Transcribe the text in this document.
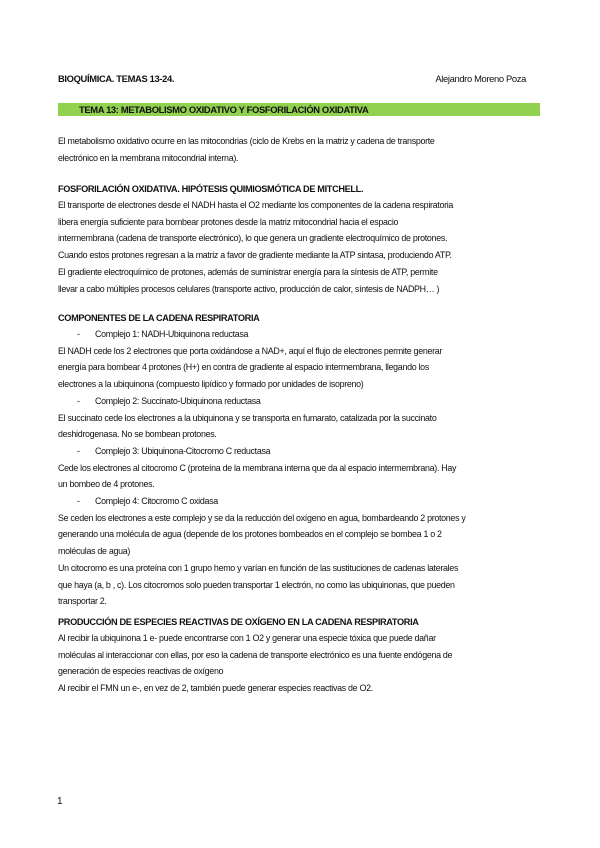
BIOQUÍMICA. TEMAS 13-24.	Alejandro Moreno Poza
TEMA 13: METABOLISMO OXIDATIVO Y FOSFORILACIÓN OXIDATIVA

El metabolismo oxidativo ocurre en las mitocondrias (ciclo de Krebs en la matriz y cadena de transporte

electrónico en la membrana mitocondrial interna).

FOSFORILACIÓN OXIDATIVA. HIPÓTESIS QUIMIOSMÓTICA DE MITCHELL.

El transporte de electrones desde el NADH hasta el O2 mediante los componentes de la cadena respiratoria

libera energía suficiente para bombear protones desde la matriz mitocondrial hacia el espacio

intermembrana (cadena de transporte electrónico), lo que genera un gradiente electroquímico de protones.

Cuando estos protones regresan a la matriz a favor de gradiente mediante la ATP sintasa, produciendo ATP.

El gradiente electroquímico de protones, además de suministrar energía para la síntesis de ATP, permite

llevar a cabo múltiples procesos celulares (transporte activo, producción de calor, síntesis de NADPH… )

COMPONENTES DE LA CADENA RESPIRATORIA

- Complejo 1: NADH-Ubiquinona reductasa

El NADH cede los 2 electrones que porta oxidándose a NAD+, aquí el flujo de electrones permite generar

energía para bombear 4 protones (H+) en contra de gradiente al espacio intermembrana, llegando los

electrones a la ubiquinona (compuesto lipídico y formado por unidades de isopreno)

- Complejo 2: Succinato-Ubiquinona reductasa

El succinato cede los electrones a la ubiquinona y se transporta en fumarato, catalizada por la succinato

deshidrogenasa. No se bombean protones.

- Complejo 3: Ubiquinona-Citocromo C reductasa

Cede los electrones al citocromo C (proteína de la membrana interna que da al espacio intermembrana). Hay

un bombeo de 4 protones.

- Complejo 4: Citocromo C oxidasa

Se ceden los electrones a este complejo y se da la reducción del oxígeno en agua, bombardeando 2 protones y

generando una molécula de agua (depende de los protones bombeados en el complejo se bombea 1 o 2

moléculas de agua)

Un citocromo es una proteína con 1 grupo hemo y varían en función de las sustituciones de cadenas laterales

que haya (a, b , c). Los citocromos solo pueden transportar 1 electrón, no como las ubiquinonas, que pueden

transportar 2.

PRODUCCIÓN DE ESPECIES REACTIVAS DE OXÍGENO EN LA CADENA RESPIRATORIA

Al recibir la ubiquinona 1 e- puede encontrarse con 1 O2 y generar una especie tóxica que puede dañar

moléculas al interaccionar con ellas, por eso la cadena de transporte electrónico es una fuente endógena de

generación de especies reactivas de oxígeno

Al recibir el FMN un e-, en vez de 2, también puede generar especies reactivas de O2.

1
